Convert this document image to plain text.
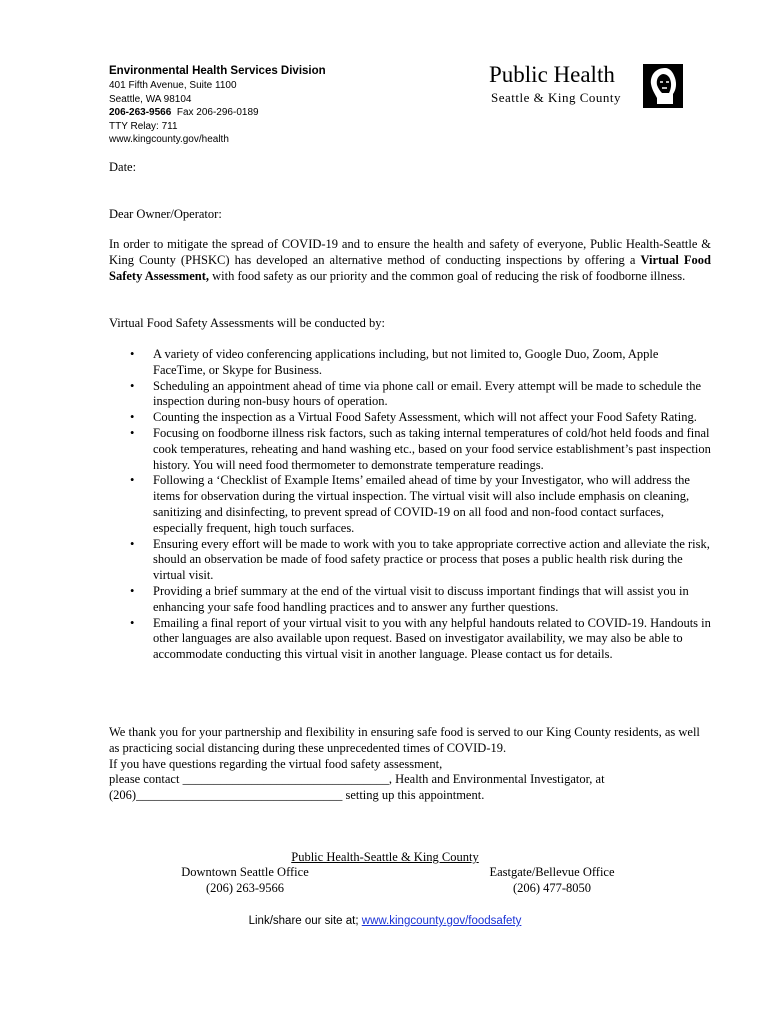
Environmental Health Services Division
401 Fifth Avenue, Suite 1100
Seattle, WA 98104
206-263-9566 Fax 206-296-0189
TTY Relay: 711
www.kingcounty.gov/health
Public Health
Seattle & King County
Date:
Dear Owner/Operator:
In order to mitigate the spread of COVID-19 and to ensure the health and safety of everyone, Public Health-Seattle & King County (PHSKC) has developed an alternative method of conducting inspections by offering a Virtual Food Safety Assessment, with food safety as our priority and the common goal of reducing the risk of foodborne illness.
Virtual Food Safety Assessments will be conducted by:
• A variety of video conferencing applications including, but not limited to, Google Duo, Zoom, Apple FaceTime, or Skype for Business.
• Scheduling an appointment ahead of time via phone call or email. Every attempt will be made to schedule the inspection during non-busy hours of operation.
• Counting the inspection as a Virtual Food Safety Assessment, which will not affect your Food Safety Rating.
• Focusing on foodborne illness risk factors, such as taking internal temperatures of cold/hot held foods and final cook temperatures, reheating and hand washing etc., based on your food service establishment’s past inspection history. You will need food thermometer to demonstrate temperature readings.
• Following a ‘Checklist of Example Items’ emailed ahead of time by your Investigator, who will address the items for observation during the virtual inspection. The virtual visit will also include emphasis on cleaning, sanitizing and disinfecting, to prevent spread of COVID-19 on all food and non-food contact surfaces, especially frequent, high touch surfaces.
• Ensuring every effort will be made to work with you to take appropriate corrective action and alleviate the risk, should an observation be made of food safety practice or process that poses a public health risk during the virtual visit.
• Providing a brief summary at the end of the virtual visit to discuss important findings that will assist you in enhancing your safe food handling practices and to answer any further questions.
• Emailing a final report of your virtual visit to you with any helpful handouts related to COVID-19. Handouts in other languages are also available upon request. Based on investigator availability, we may also be able to accommodate conducting this virtual visit in another language. Please contact us for details.
We thank you for your partnership and flexibility in ensuring safe food is served to our King County residents, as well as practicing social distancing during these unprecedented times of COVID-19.
If you have questions regarding the virtual food safety assessment,
please contact _________________________________, Health and Environmental Investigator, at
(206)_________________________________ setting up this appointment.
Public Health-Seattle & King County
Downtown Seattle Office
(206) 263-9566
Eastgate/Bellevue Office
(206) 477-8050
Link/share our site at; www.kingcounty.gov/foodsafety
